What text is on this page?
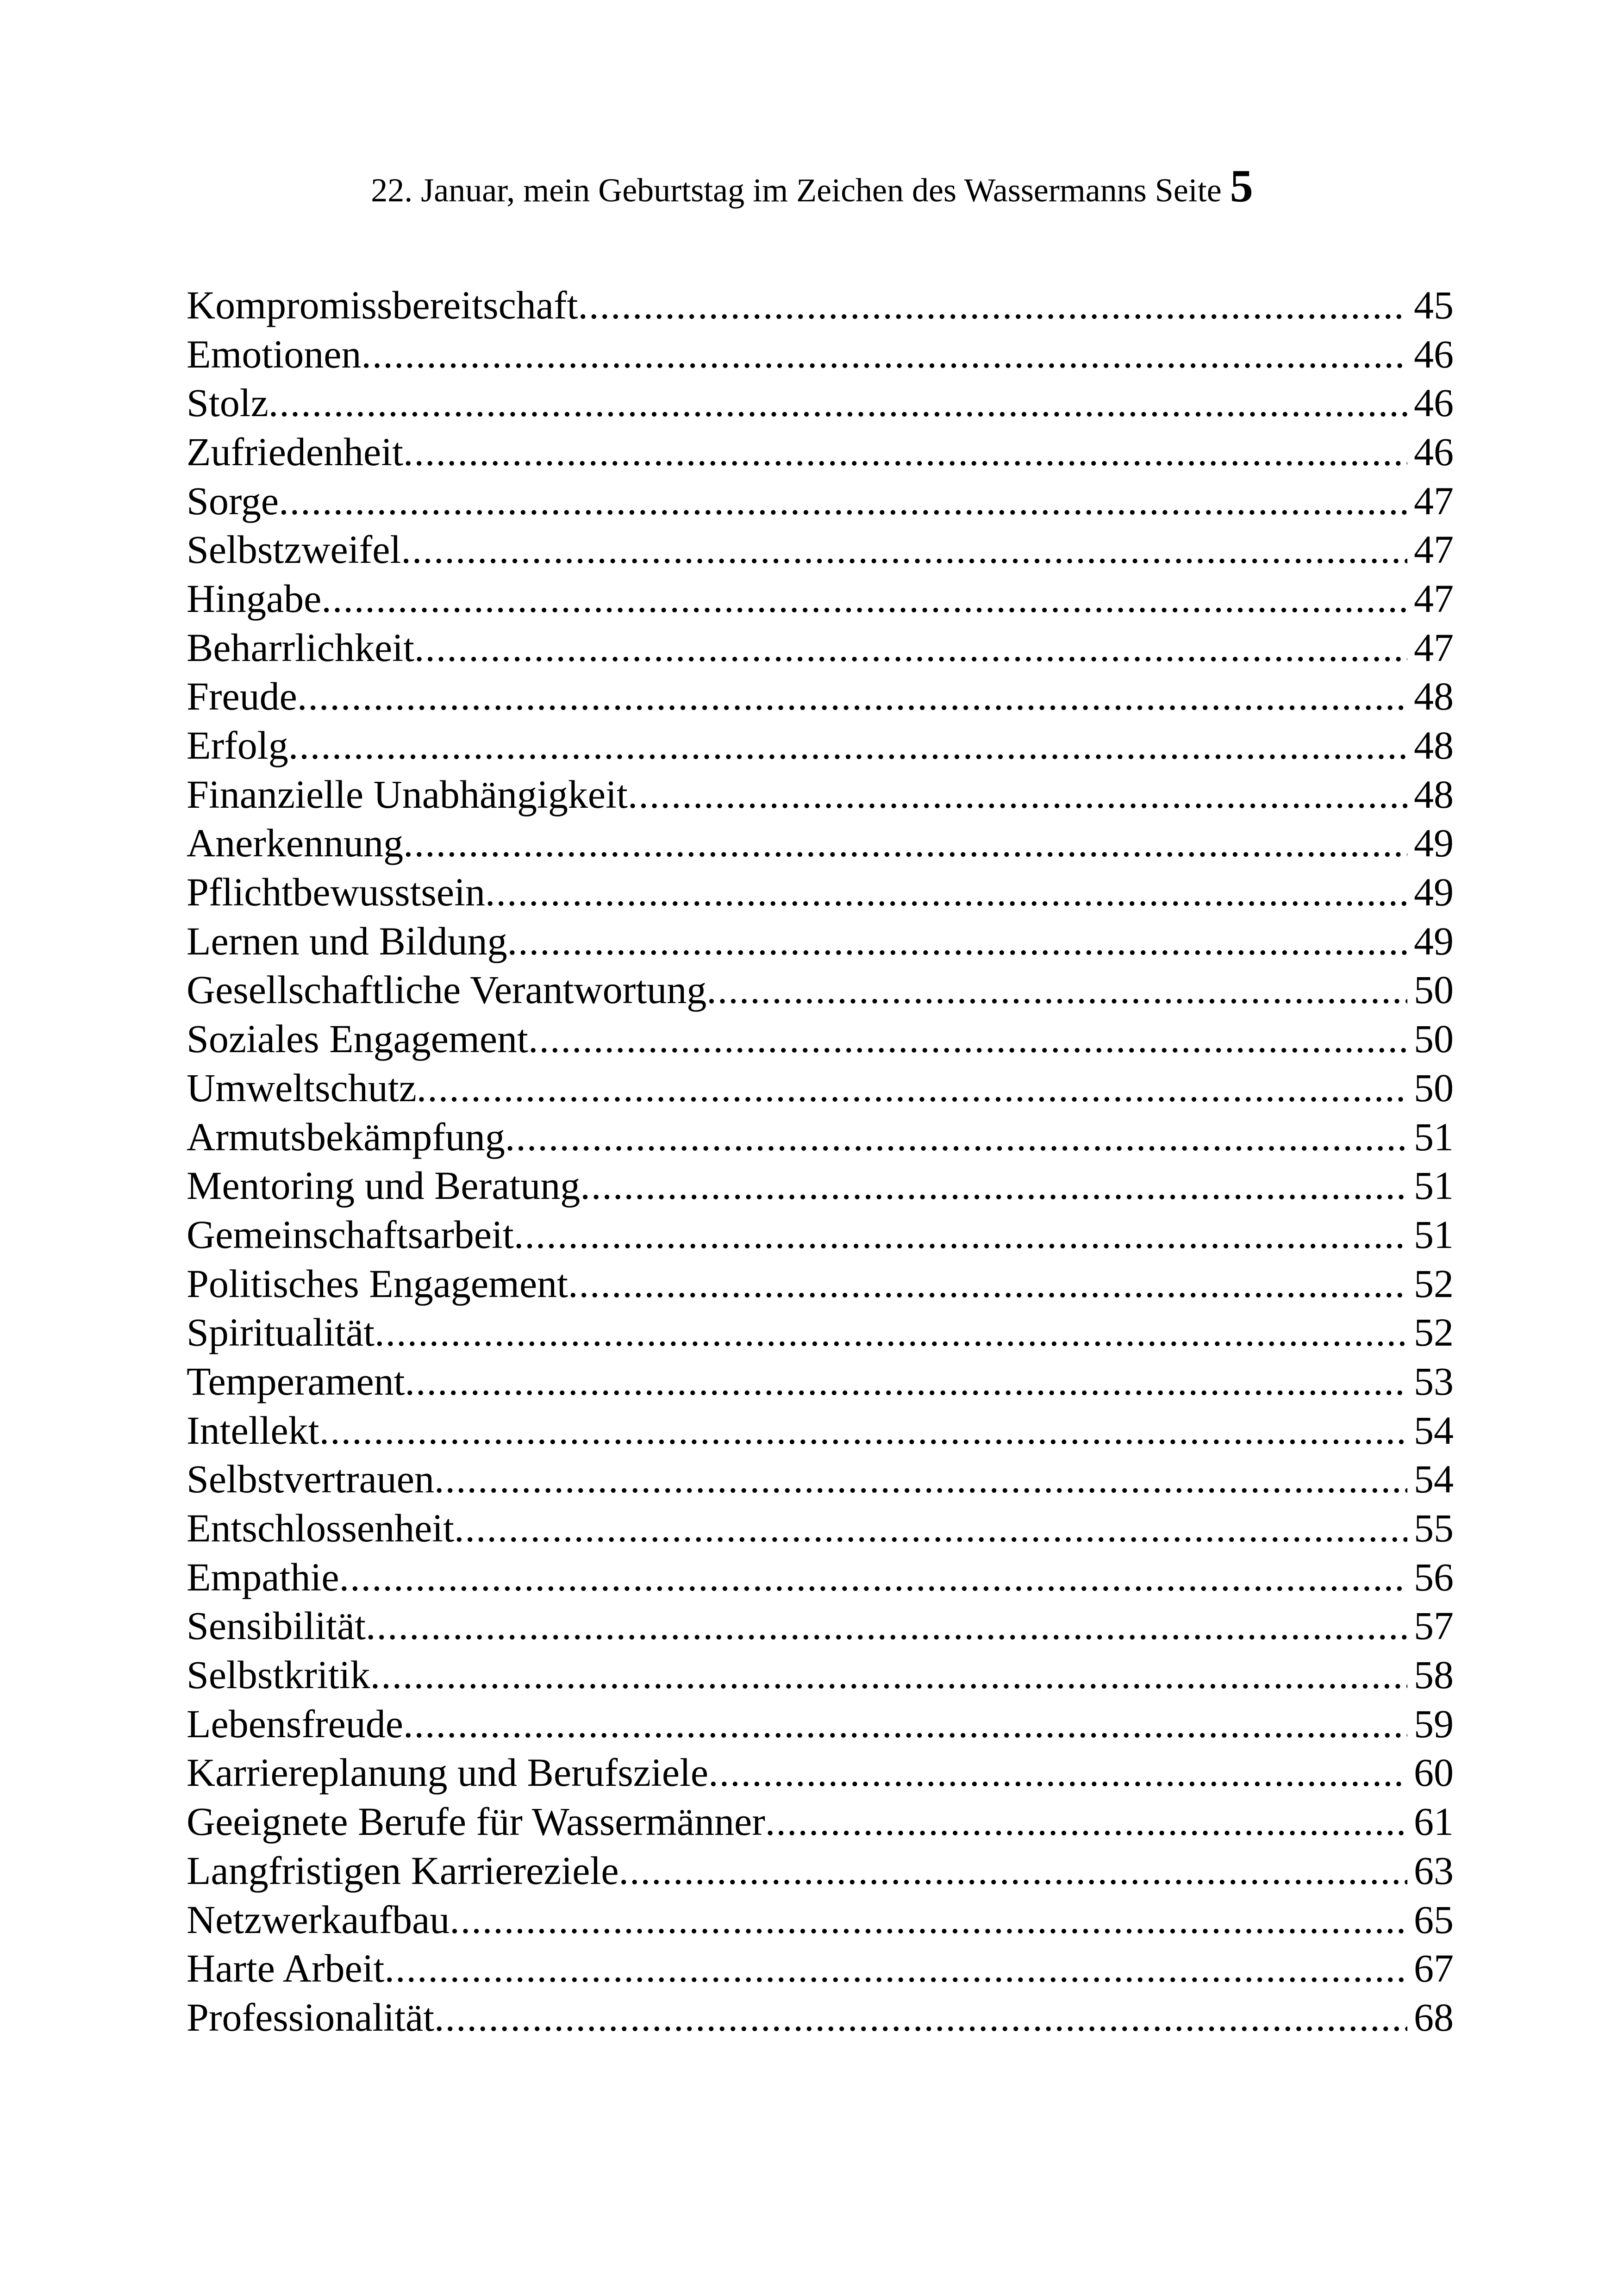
22. Januar, mein Geburtstag im Zeichen des Wassermanns Seite 5
Kompromissbereitschaft .....	45
Emotionen .....	46
Stolz .....	46
Zufriedenheit .....	46
Sorge .....	47
Selbstzweifel .....	47
Hingabe .....	47
Beharrlichkeit .....	47
Freude .....	48
Erfolg .....	48
Finanzielle Unabhängigkeit .....	48
Anerkennung .....	49
Pflichtbewusstsein .....	49
Lernen und Bildung .....	49
Gesellschaftliche Verantwortung .....	50
Soziales Engagement .....	50
Umweltschutz .....	50
Armutsbekämpfung .....	51
Mentoring und Beratung .....	51
Gemeinschaftsarbeit .....	51
Politisches Engagement .....	52
Spiritualität .....	52
Temperament .....	53
Intellekt .....	54
Selbstvertrauen .....	54
Entschlossenheit .....	55
Empathie .....	56
Sensibilität .....	57
Selbstkritik .....	58
Lebensfreude .....	59
Karriereplanung und Berufsziele .....	60
Geeignete Berufe für Wassermänner .....	61
Langfristigen Karriereziele .....	63
Netzwerkaufbau .....	65
Harte Arbeit .....	67
Professionalität .....	68
